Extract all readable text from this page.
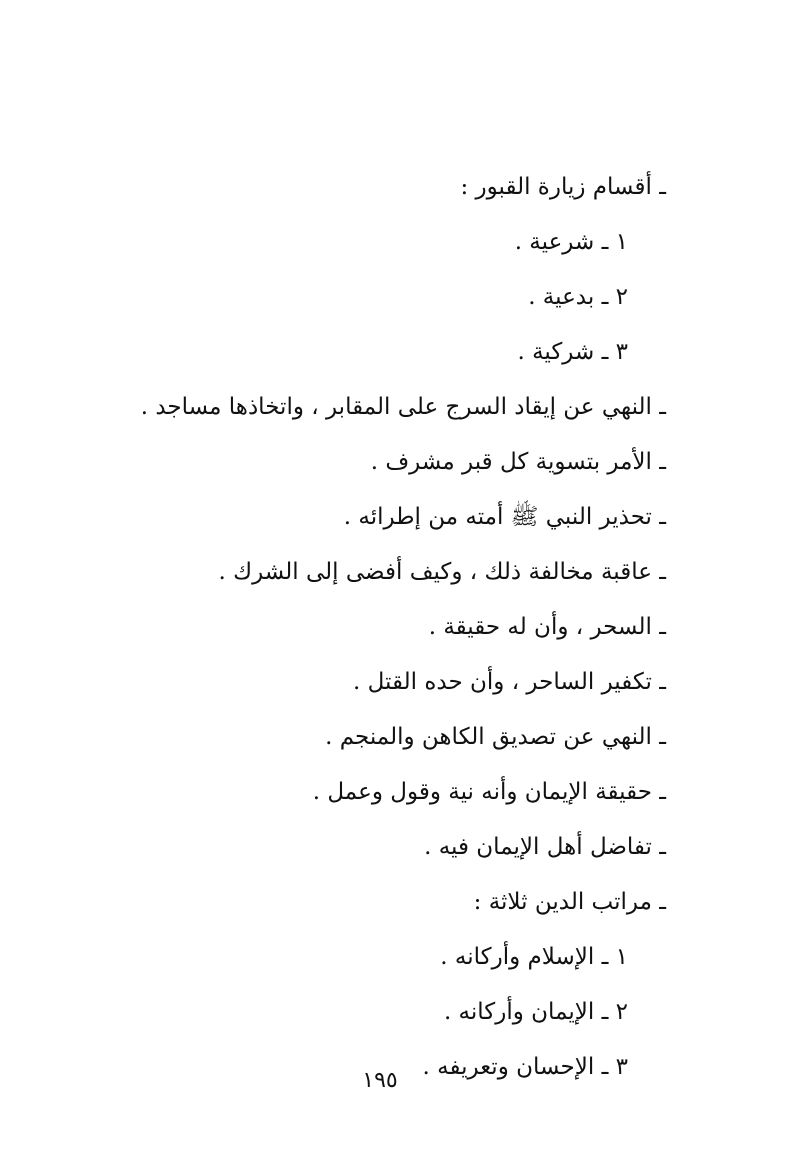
ـ أقسام زيارة القبور :
١ ـ شرعية .
٢ ـ بدعية .
٣ ـ شركية .
ـ النهي عن إيقاد السرج على المقابر ، واتخاذها مساجد .
ـ الأمر بتسوية كل قبر مشرف .
ـ تحذير النبي ﷺ أمته من إطرائه .
ـ عاقبة مخالفة ذلك ، وكيف أفضى إلى الشرك .
ـ السحر ، وأن له حقيقة .
ـ تكفير الساحر ، وأن حده القتل .
ـ النهي عن تصديق الكاهن والمنجم .
ـ حقيقة الإيمان وأنه نية وقول وعمل .
ـ تفاضل أهل الإيمان فيه .
ـ مراتب الدين ثلاثة :
١ ـ الإسلام وأركانه .
٢ ـ الإيمان وأركانه .
٣ ـ الإحسان وتعريفه .
١٩٥
